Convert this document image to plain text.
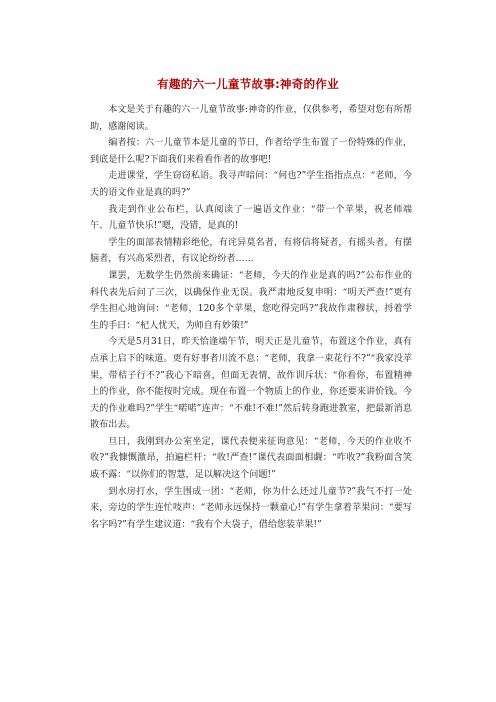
有趣的六一儿童节故事:神奇的作业

本文是关于有趣的六一儿童节故事:神奇的作业，仅供参考，希望对您有所帮助，感谢阅读。

编者按：六一儿童节本是儿童的节日，作者给学生布置了一份特殊的作业，到底是什么呢?下面我们来看看作者的故事吧!

走进课堂，学生窃窃私语。我寻声暗问：“何也?”学生指指点点：“老师，今天的语文作业是真的吗?”

我走到作业公布栏，认真阅读了一遍语文作业：“带一个苹果，祝老师端午、儿童节快乐!”嗯，没错，是真的!

学生的面部表情精彩绝伦，有诧异莫名者，有将信将疑者，有摇头者，有摆脑者，有兴高采烈者，有议论纷纷者……

课罢，无数学生仍然前来确证：“老师，今天的作业是真的吗?”公布作业的科代表先后问了三次，以确保作业无误。我严肃地反复申明：“明天严查!”更有学生担心地询问：“老师，120多个苹果，您吃得完吗?”我故作肃穆状，捋着学生的手曰：“杞人忧天，为师自有妙策!”

今天是5月31日，昨天恰逢端午节，明天正是儿童节，布置这个作业，真有点承上启下的味道。更有好事者川流不息：“老师，我拿一束花行不?”“我家没苹果，带桔子行不?”我心下暗喜，但面无表情，故作训斥状：“你看你，布置精神上的作业，你不能按时完成。现在布置一个物质上的作业，你还要来讲价钱。今天的作业难吗?”学生“喏喏”连声：“不难!不难!”然后转身跑进教室，把最新消息散布出去。

旦日，我刚到办公室坐定，课代表便来征询意见：“老师，今天的作业收不收?”我慷慨激昂，拍遍栏杆：“收!严查!”课代表面面相觑：“咋收?”我粉面含笑戚不露：“以你们的智慧，足以解决这个问题!”

到水房打水，学生围成一团：“老师，你为什么还过儿童节?”我气不打一处来，旁边的学生连忙吱声：“老师永远保持一颗童心!”有学生拿着苹果问：“要写名字吗?”有学生建议道：“我有个大袋子，借给您装苹果!”
